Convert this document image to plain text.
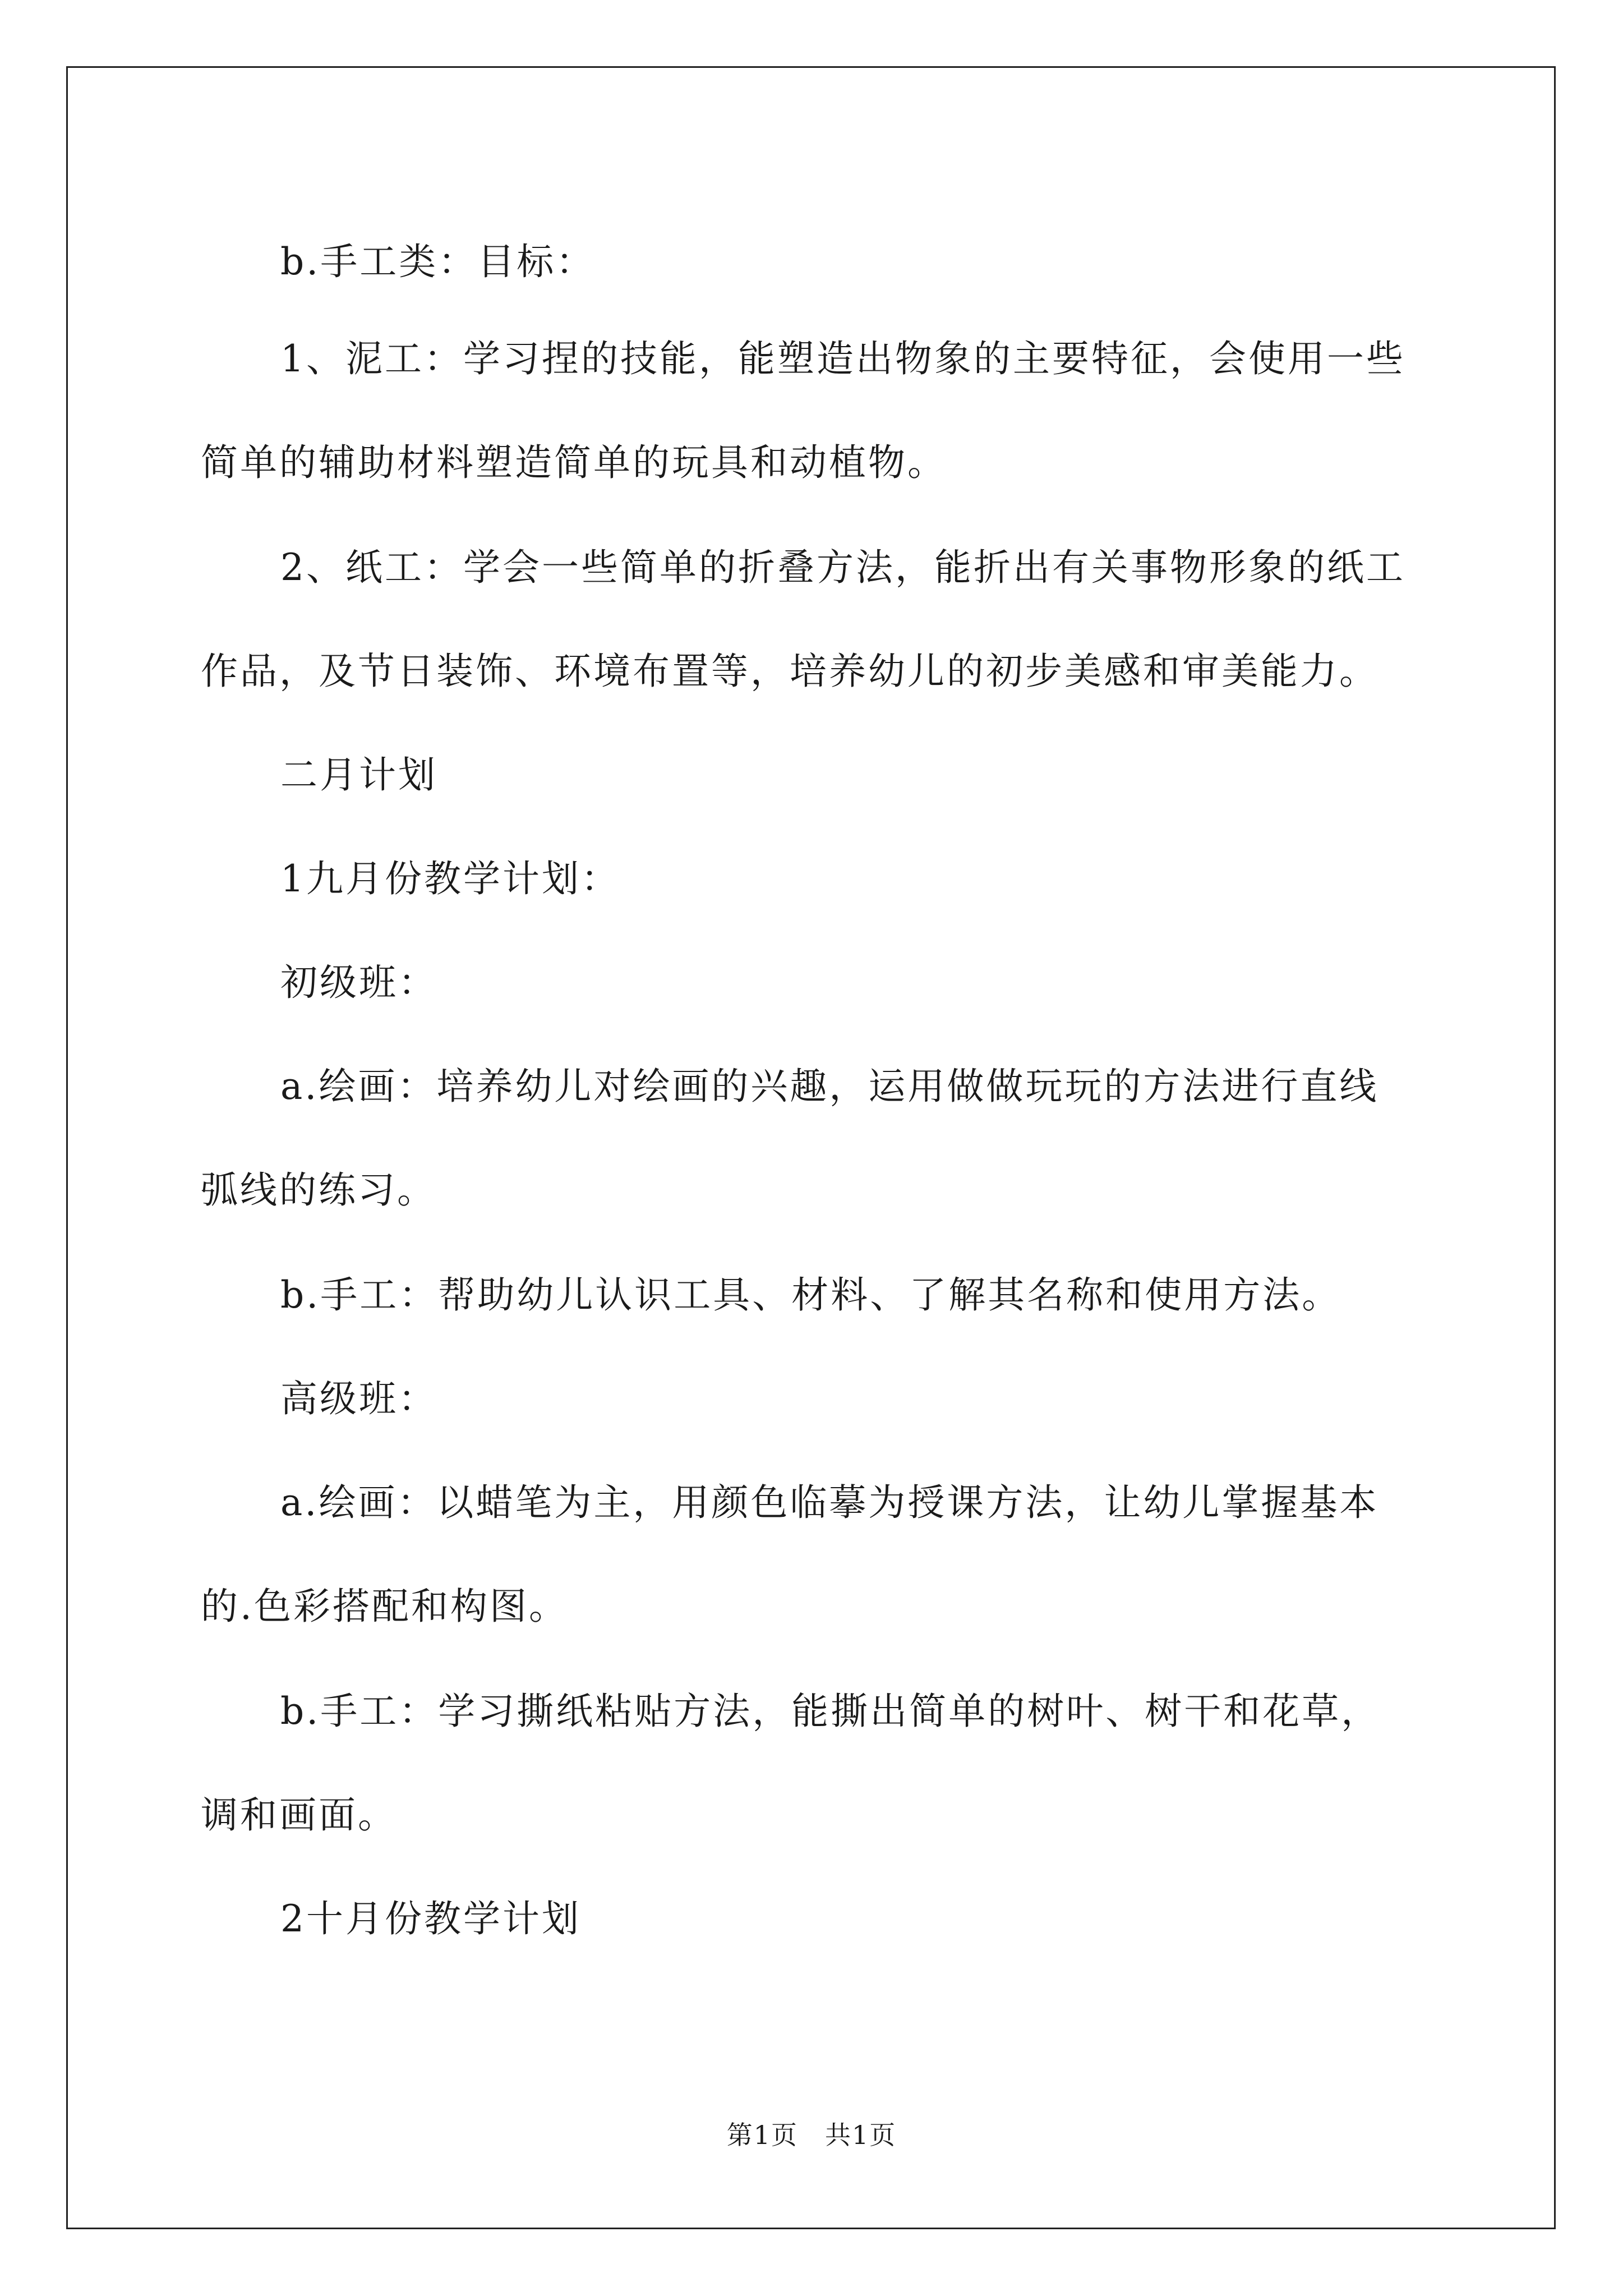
b.手工类：目标：
1、泥工：学习捏的技能，能塑造出物象的主要特征，会使用一些
简单的辅助材料塑造简单的玩具和动植物。
2、纸工：学会一些简单的折叠方法，能折出有关事物形象的纸工
作品，及节日装饰、环境布置等，培养幼儿的初步美感和审美能力。
二月计划
1九月份教学计划：
初级班：
a.绘画：培养幼儿对绘画的兴趣，运用做做玩玩的方法进行直线
弧线的练习。
b.手工：帮助幼儿认识工具、材料、了解其名称和使用方法。
高级班：
a.绘画：以蜡笔为主，用颜色临摹为授课方法，让幼儿掌握基本
的.色彩搭配和构图。
b.手工：学习撕纸粘贴方法，能撕出简单的树叶、树干和花草，
调和画面。
2十月份教学计划
第1页　共1页
